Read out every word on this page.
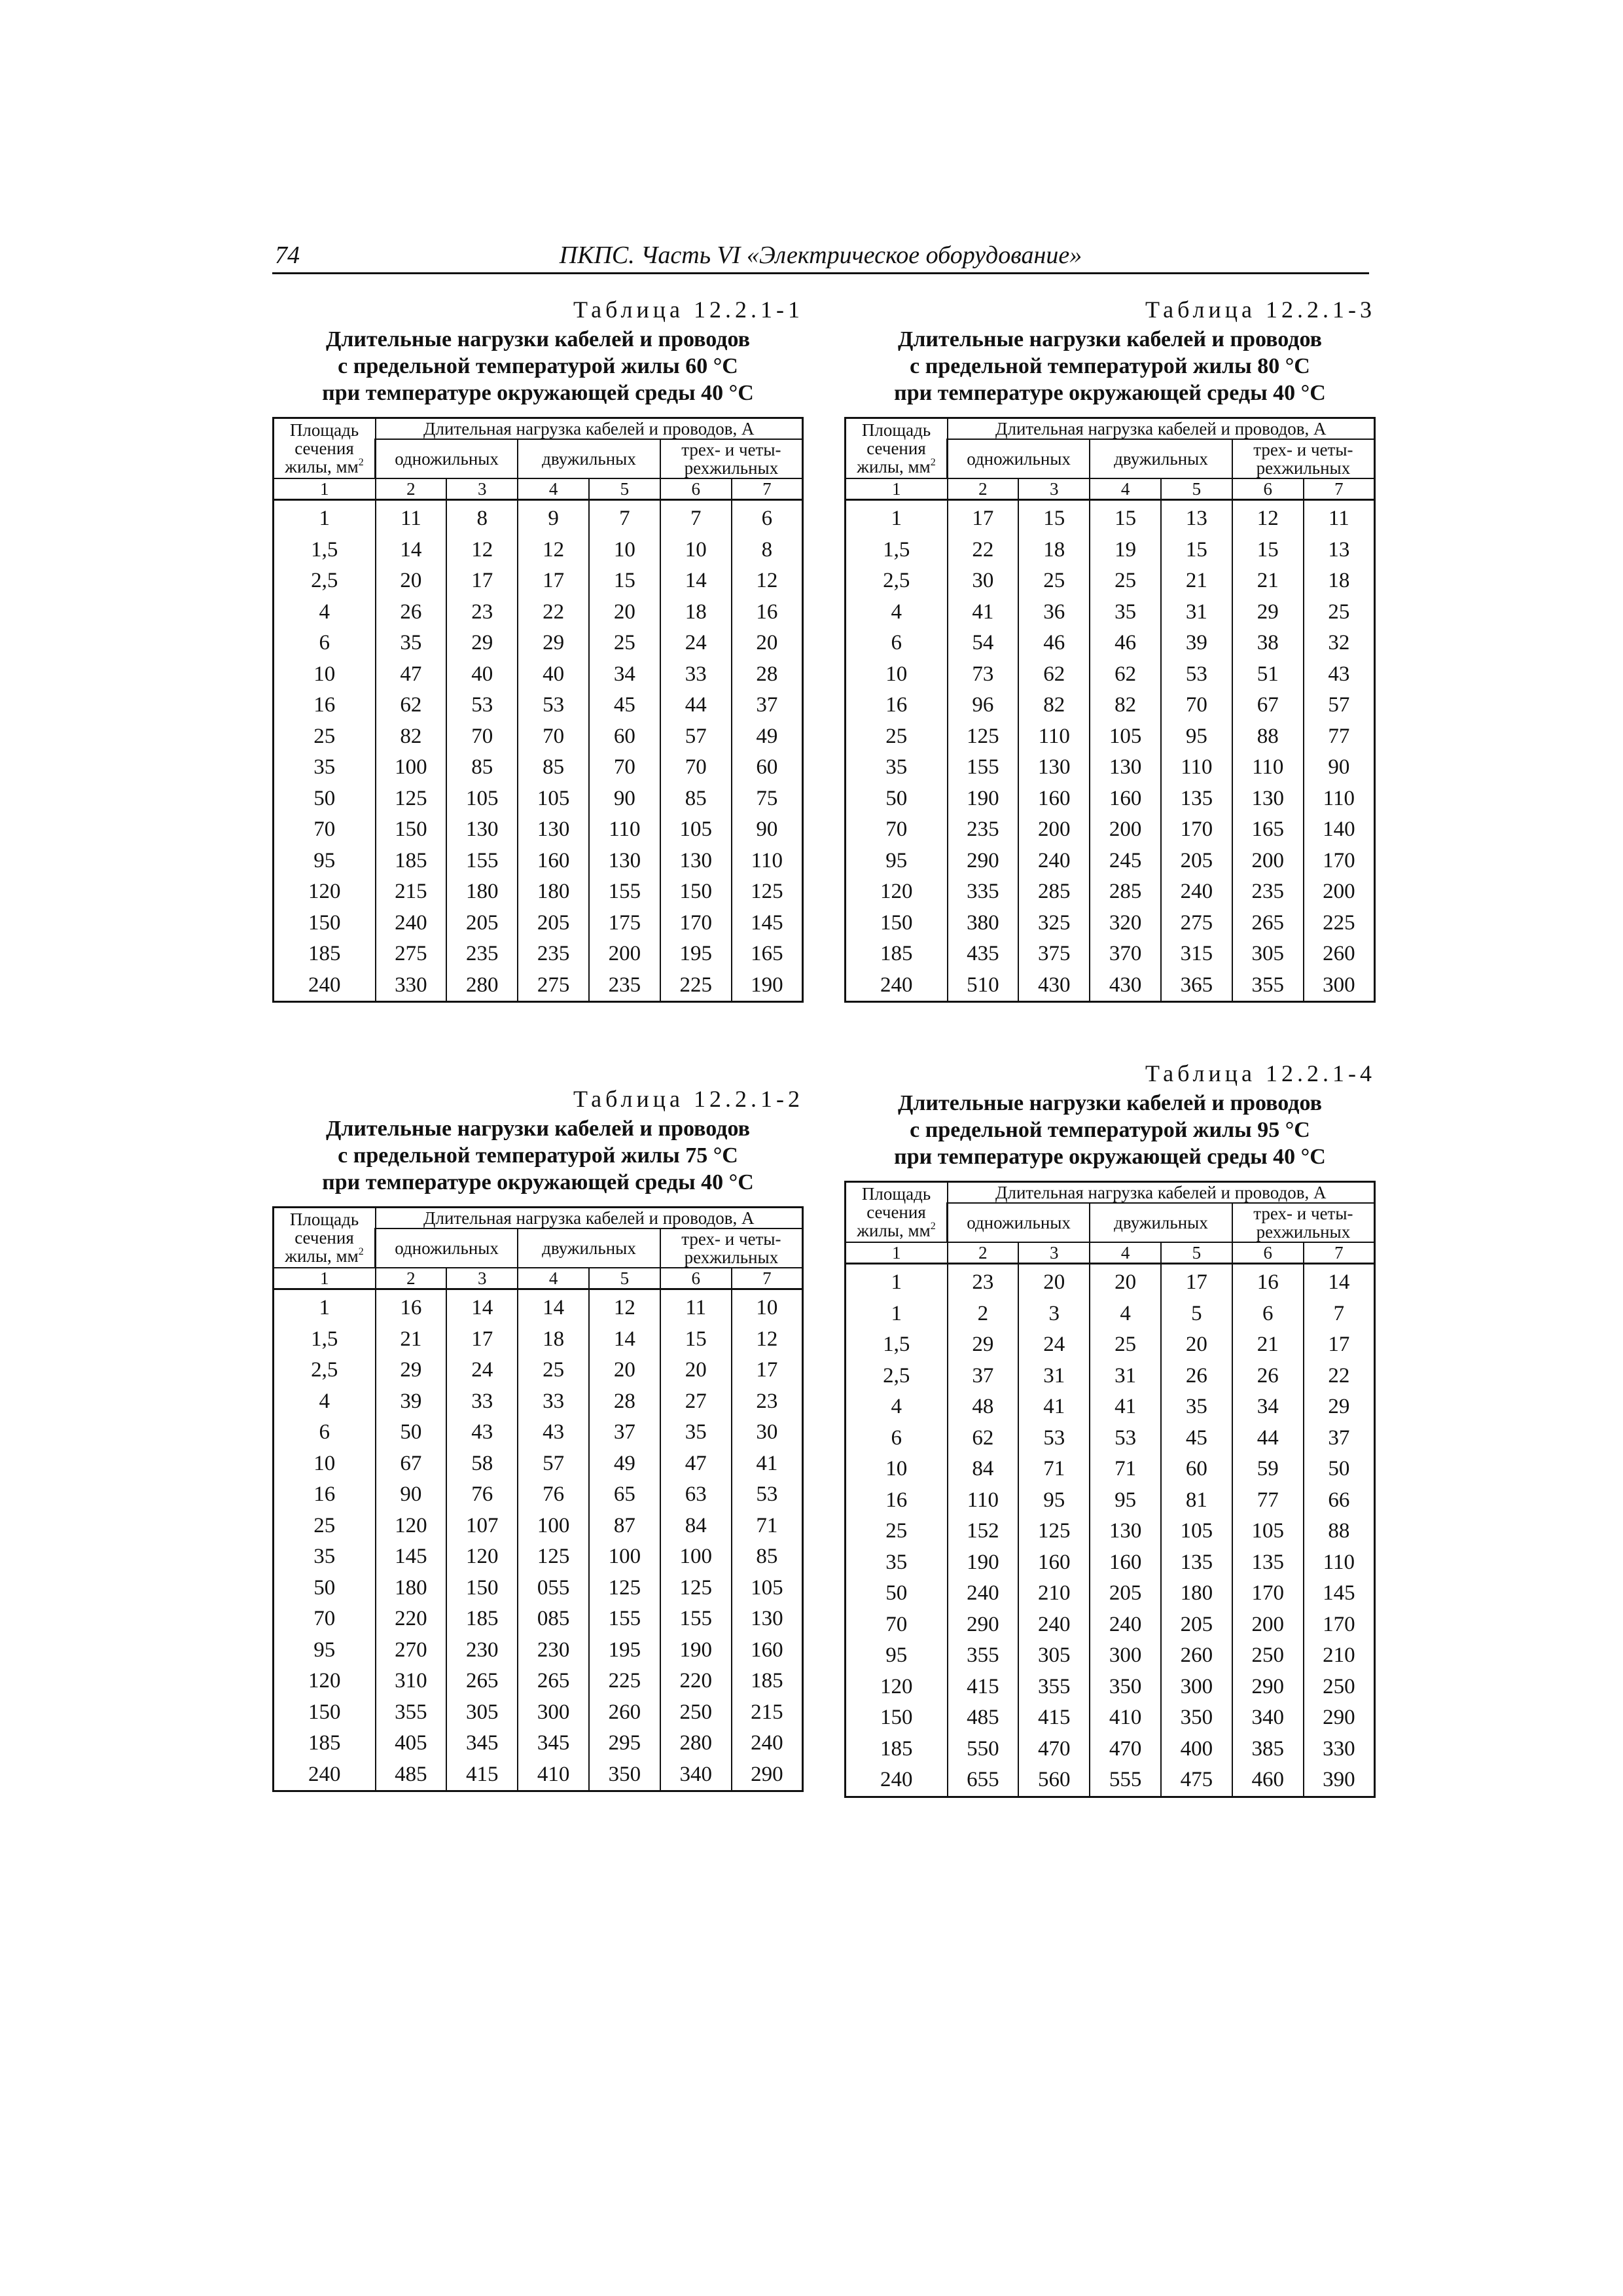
74	ПКПС. Часть VI «Электрическое оборудование»
Таблица 12.2.1-1
Длительные нагрузки кабелей и проводов
с предельной температурой жилы 60 °С
при температуре окружающей среды 40 °С
Площадь
сечения
жилы, $мм^2$	Длительная нагрузка кабелей и проводов, А					
	одножильных		двужильных		трех- и четы-
рехжильных	
1	2	3	4	5	6	7
1	11	8	9	7	7	6
1,5	14	12	12	10	10	8
2,5	20	17	17	15	14	12
4	26	23	22	20	18	16
6	35	29	29	25	24	20
10	47	40	40	34	33	28
16	62	53	53	45	44	37
25	82	70	70	60	57	49
35	100	85	85	70	70	60
50	125	105	105	90	85	75
70	150	130	130	110	105	90
95	185	155	160	130	130	110
120	215	180	180	155	150	125
150	240	205	205	175	170	145
185	275	235	235	200	195	165
240	330	280	275	235	225	190
Таблица 12.2.1-3
Длительные нагрузки кабелей и проводов
с предельной температурой жилы 80 °С
при температуре окружающей среды 40 °С
Площадь
сечения
жилы, $мм^2$	Длительная нагрузка кабелей и проводов, А					
	одножильных		двужильных		трех- и четы-
рехжильных	
1	2	3	4	5	6	7
1	17	15	15	13	12	11
1,5	22	18	19	15	15	13
2,5	30	25	25	21	21	18
4	41	36	35	31	29	25
6	54	46	46	39	38	32
10	73	62	62	53	51	43
16	96	82	82	70	67	57
25	125	110	105	95	88	77
35	155	130	130	110	110	90
50	190	160	160	135	130	110
70	235	200	200	170	165	140
95	290	240	245	205	200	170
120	335	285	285	240	235	200
150	380	325	320	275	265	225
185	435	375	370	315	305	260
240	510	430	430	365	355	300
Таблица 12.2.1-2
Длительные нагрузки кабелей и проводов
с предельной температурой жилы 75 °С
при температуре окружающей среды 40 °С
Площадь
сечения
жилы, $мм^2$	Длительная нагрузка кабелей и проводов, А					
	одножильных		двужильных		трех- и четы-
рехжильных	
1	2	3	4	5	6	7
1	16	14	14	12	11	10
1,5	21	17	18	14	15	12
2,5	29	24	25	20	20	17
4	39	33	33	28	27	23
6	50	43	43	37	35	30
10	67	58	57	49	47	41
16	90	76	76	65	63	53
25	120	107	100	87	84	71
35	145	120	125	100	100	85
50	180	150	055	125	125	105
70	220	185	085	155	155	130
95	270	230	230	195	190	160
120	310	265	265	225	220	185
150	355	305	300	260	250	215
185	405	345	345	295	280	240
240	485	415	410	350	340	290
Таблица 12.2.1-4
Длительные нагрузки кабелей и проводов
с предельной температурой жилы 95 °С
при температуре окружающей среды 40 °С
Площадь
сечения
жилы, $мм^2$	Длительная нагрузка кабелей и проводов, А					
	одножильных		двужильных		трех- и четы-
рехжильных	
1	2	3	4	5	6	7
1	23	20	20	17	16	14
1	2	3	4	5	6	7
1,5	29	24	25	20	21	17
2,5	37	31	31	26	26	22
4	48	41	41	35	34	29
6	62	53	53	45	44	37
10	84	71	71	60	59	50
16	110	95	95	81	77	66
25	152	125	130	105	105	88
35	190	160	160	135	135	110
50	240	210	205	180	170	145
70	290	240	240	205	200	170
95	355	305	300	260	250	210
120	415	355	350	300	290	250
150	485	415	410	350	340	290
185	550	470	470	400	385	330
240	655	560	555	475	460	390
